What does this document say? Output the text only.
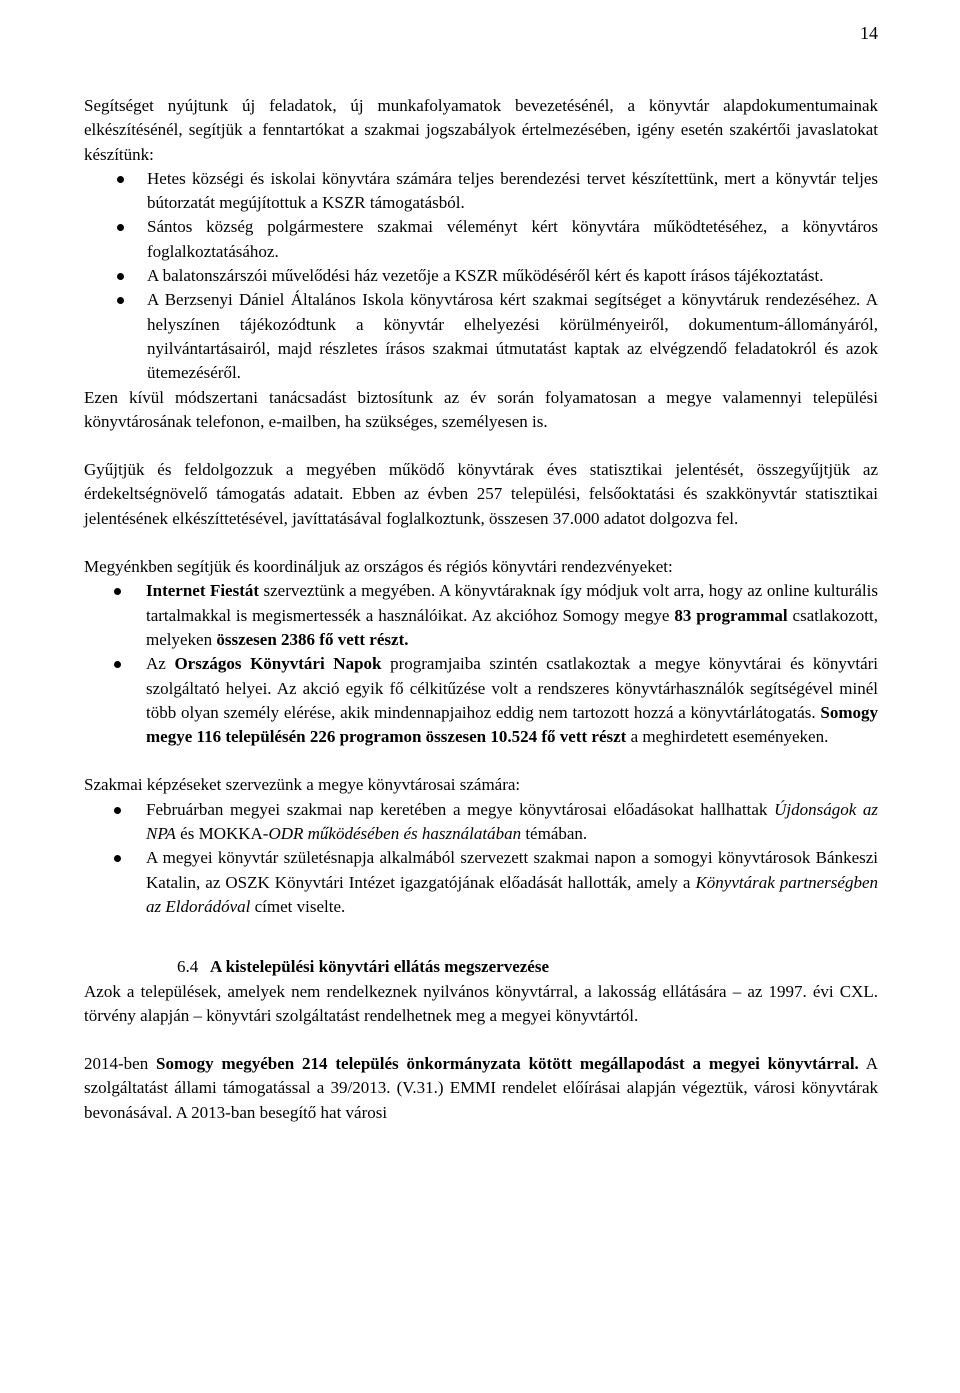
14

Segítséget nyújtunk új feladatok, új munkafolyamatok bevezetésénél, a könyvtár alapdokumentumainak elkészítésénél, segítjük a fenntartókat a szakmai jogszabályok értelmezésében, igény esetén szakértői javaslatokat készítünk:

Hetes községi és iskolai könyvtára számára teljes berendezési tervet készítettünk, mert a könyvtár teljes bútorzatát megújítottuk a KSZR támogatásból.
Sántos község polgármestere szakmai véleményt kért könyvtára működtetéséhez, a könyvtáros foglalkoztatásához.
A balatonszárszói művelődési ház vezetője a KSZR működéséről kért és kapott írásos tájékoztatást.
A Berzsenyi Dániel Általános Iskola könyvtárosa kért szakmai segítséget a könyvtáruk rendezéséhez. A helyszínen tájékozódtunk a könyvtár elhelyezési körülményeiről, dokumentum-állományáról, nyilvántartásairól, majd részletes írásos szakmai útmutatást kaptak az elvégzendő feladatokról és azok ütemezéséről.

Ezen kívül módszertani tanácsadást biztosítunk az év során folyamatosan a megye valamennyi települési könyvtárosának telefonon, e-mailben, ha szükséges, személyesen is.

Gyűjtjük és feldolgozzuk a megyében működő könyvtárak éves statisztikai jelentését, összegyűjtjük az érdekeltségnövelő támogatás adatait. Ebben az évben 257 települési, felsőoktatási és szakkönyvtár statisztikai jelentésének elkészíttetésével, javíttatásával foglalkoztunk, összesen 37.000 adatot dolgozva fel.

Megyénkben segítjük és koordináljuk az országos és régiós könyvtári rendezvényeket:

Internet Fiestát szerveztünk a megyében. A könyvtáraknak így módjuk volt arra, hogy az online kulturális tartalmakkal is megismertessék a használóikat. Az akcióhoz Somogy megye 83 programmal csatlakozott, melyeken összesen 2386 fő vett részt.
Az Országos Könyvtári Napok programjaiba szintén csatlakoztak a megye könyvtárai és könyvtári szolgáltató helyei. Az akció egyik fő célkitűzése volt a rendszeres könyvtárhasználók segítségével minél több olyan személy elérése, akik mindennapjaihoz eddig nem tartozott hozzá a könyvtárlátogatás. Somogy megye 116 településén 226 programon összesen 10.524 fő vett részt a meghirdetett eseményeken.

Szakmai képzéseket szervezünk a megye könyvtárosai számára:

Februárban megyei szakmai nap keretében a megye könyvtárosai előadásokat hallhattak Újdonságok az NPA és MOKKA-ODR működésében és használatában témában.
A megyei könyvtár születésnapja alkalmából szervezett szakmai napon a somogyi könyvtárosok Bánkeszi Katalin, az OSZK Könyvtári Intézet igazgatójának előadását hallották, amely a Könyvtárak partnerségben az Eldorádóval címet viselte.
6.4 A kistelepülési könyvtári ellátás megszervezése

Azok a települések, amelyek nem rendelkeznek nyilvános könyvtárral, a lakosság ellátására – az 1997. évi CXL. törvény alapján – könyvtári szolgáltatást rendelhetnek meg a megyei könyvtártól.

2014-ben Somogy megyében 214 település önkormányzata kötött megállapodást a megyei könyvtárral. A szolgáltatást állami támogatással a 39/2013. (V.31.) EMMI rendelet előírásai alapján végeztük, városi könyvtárak bevonásával. A 2013-ban besegítő hat városi
